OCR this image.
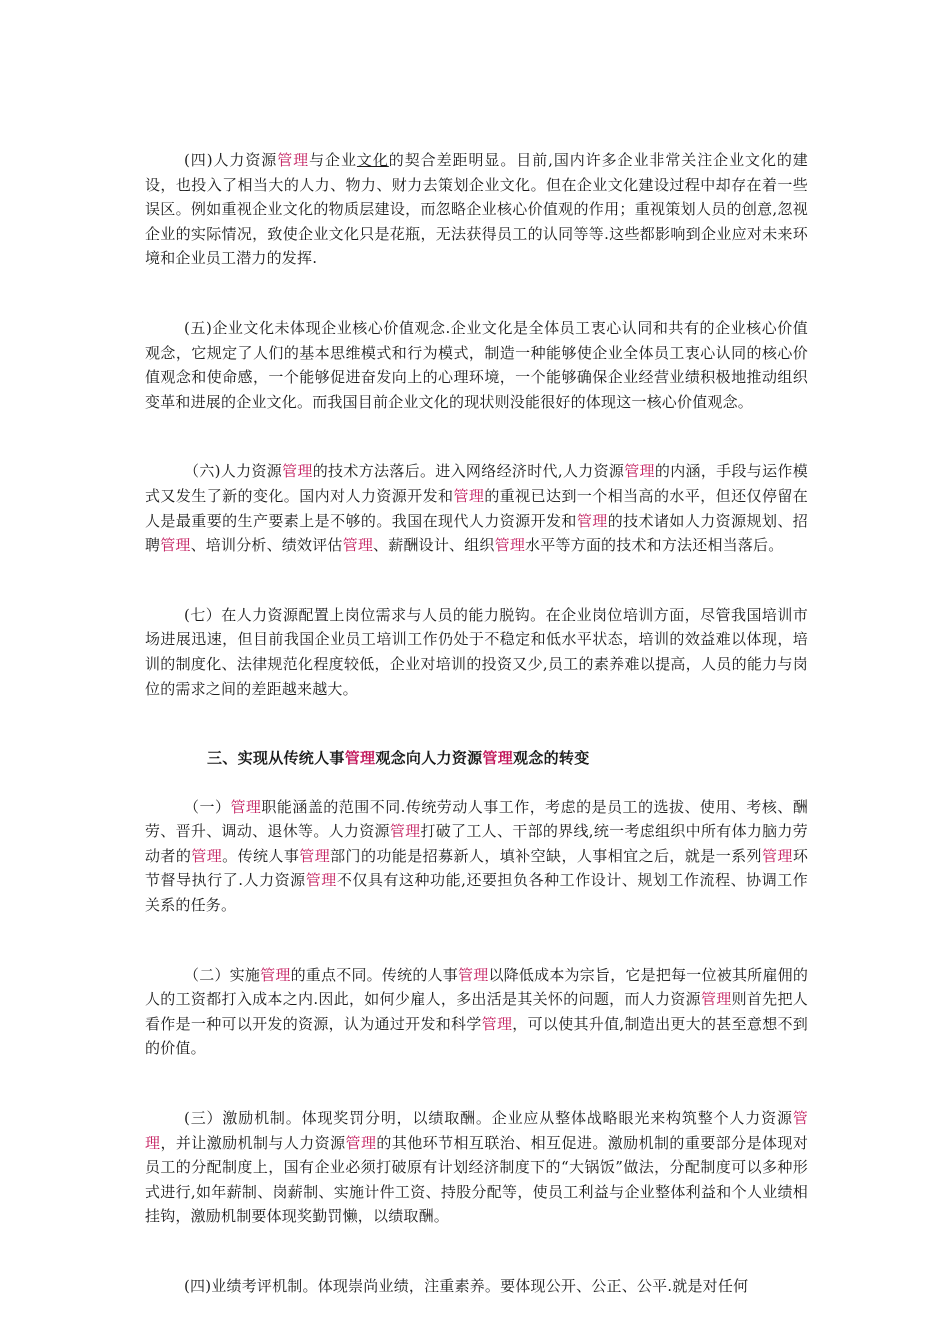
(四)人力资源管理与企业文化的契合差距明显。目前,国内许多企业非常关注企业文化的建设，也投入了相当大的人力、物力、财力去策划企业文化。但在企业文化建设过程中却存在着一些误区。例如重视企业文化的物质层建设，而忽略企业核心价值观的作用；重视策划人员的创意,忽视企业的实际情况，致使企业文化只是花瓶，无法获得员工的认同等等.这些都影响到企业应对未来环境和企业员工潜力的发挥.

(五)企业文化未体现企业核心价值观念.企业文化是全体员工衷心认同和共有的企业核心价值观念，它规定了人们的基本思维模式和行为模式，制造一种能够使企业全体员工衷心认同的核心价值观念和使命感，一个能够促进奋发向上的心理环境，一个能够确保企业经营业绩积极地推动组织变革和进展的企业文化。而我国目前企业文化的现状则没能很好的体现这一核心价值观念。

（六)人力资源管理的技术方法落后。进入网络经济时代,人力资源管理的内涵，手段与运作模式又发生了新的变化。国内对人力资源开发和管理的重视已达到一个相当高的水平，但还仅停留在人是最重要的生产要素上是不够的。我国在现代人力资源开发和管理的技术诸如人力资源规划、招聘管理、培训分析、绩效评估管理、薪酬设计、组织管理水平等方面的技术和方法还相当落后。

(七）在人力资源配置上岗位需求与人员的能力脱钩。在企业岗位培训方面，尽管我国培训市场进展迅速，但目前我国企业员工培训工作仍处于不稳定和低水平状态，培训的效益难以体现，培训的制度化、法律规范化程度较低，企业对培训的投资又少,员工的素养难以提高，人员的能力与岗位的需求之间的差距越来越大。

三、实现从传统人事管理观念向人力资源管理观念的转变

（一）管理职能涵盖的范围不同.传统劳动人事工作，考虑的是员工的选拔、使用、考核、酬劳、晋升、调动、退休等。人力资源管理打破了工人、干部的界线,统一考虑组织中所有体力脑力劳动者的管理。传统人事管理部门的功能是招募新人，填补空缺，人事相宜之后，就是一系列管理环节督导执行了.人力资源管理不仅具有这种功能,还要担负各种工作设计、规划工作流程、协调工作关系的任务。

（二）实施管理的重点不同。传统的人事管理以降低成本为宗旨，它是把每一位被其所雇佣的人的工资都打入成本之内.因此，如何少雇人，多出活是其关怀的问题，而人力资源管理则首先把人看作是一种可以开发的资源，认为通过开发和科学管理，可以使其升值,制造出更大的甚至意想不到的价值。

(三）激励机制。体现奖罚分明，以绩取酬。企业应从整体战略眼光来构筑整个人力资源管理，并让激励机制与人力资源管理的其他环节相互联治、相互促进。激励机制的重要部分是体现对员工的分配制度上，国有企业必须打破原有计划经济制度下的“大锅饭”做法，分配制度可以多种形式进行,如年薪制、岗薪制、实施计件工资、持股分配等，使员工利益与企业整体利益和个人业绩相挂钩，激励机制要体现奖勤罚懒，以绩取酬。

(四)业绩考评机制。体现崇尚业绩，注重素养。要体现公开、公正、公平.就是对任何
